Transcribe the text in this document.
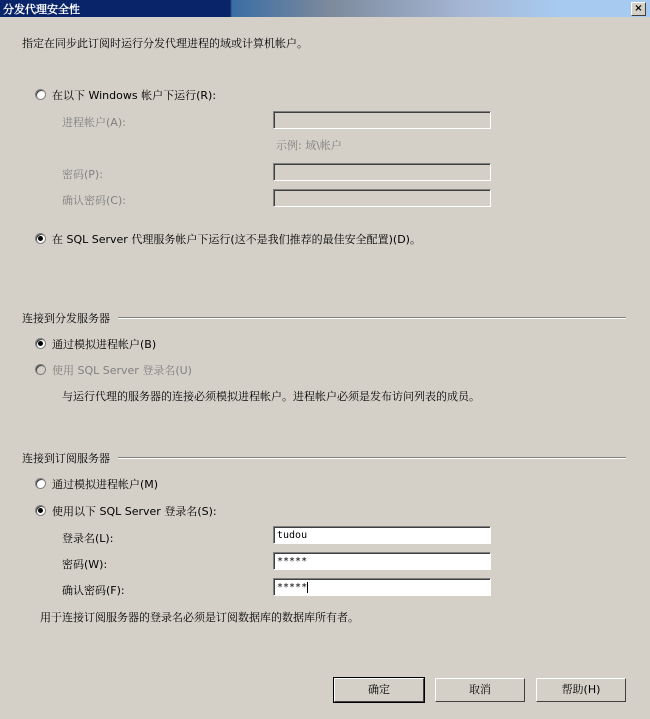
分发代理安全性	×
指定在同步此订阅时运行分发代理进程的域或计算机帐户。
在以下 Windows 帐户下运行(R):
进程帐户(A):
示例: 域\帐户
密码(P):
确认密码(C):
在 SQL Server 代理服务帐户下运行(这不是我们推荐的最佳安全配置)(D)。
连接到分发服务器
通过模拟进程帐户(B)
使用 SQL Server 登录名(U)
与运行代理的服务器的连接必须模拟进程帐户。进程帐户必须是发布访问列表的成员。
连接到订阅服务器
通过模拟进程帐户(M)
使用以下 SQL Server 登录名(S):
登录名(L):	tudou
密码(W):	*****
确认密码(F):	*****
用于连接订阅服务器的登录名必须是订阅数据库的数据库所有者。
确定	取消	帮助(H)
